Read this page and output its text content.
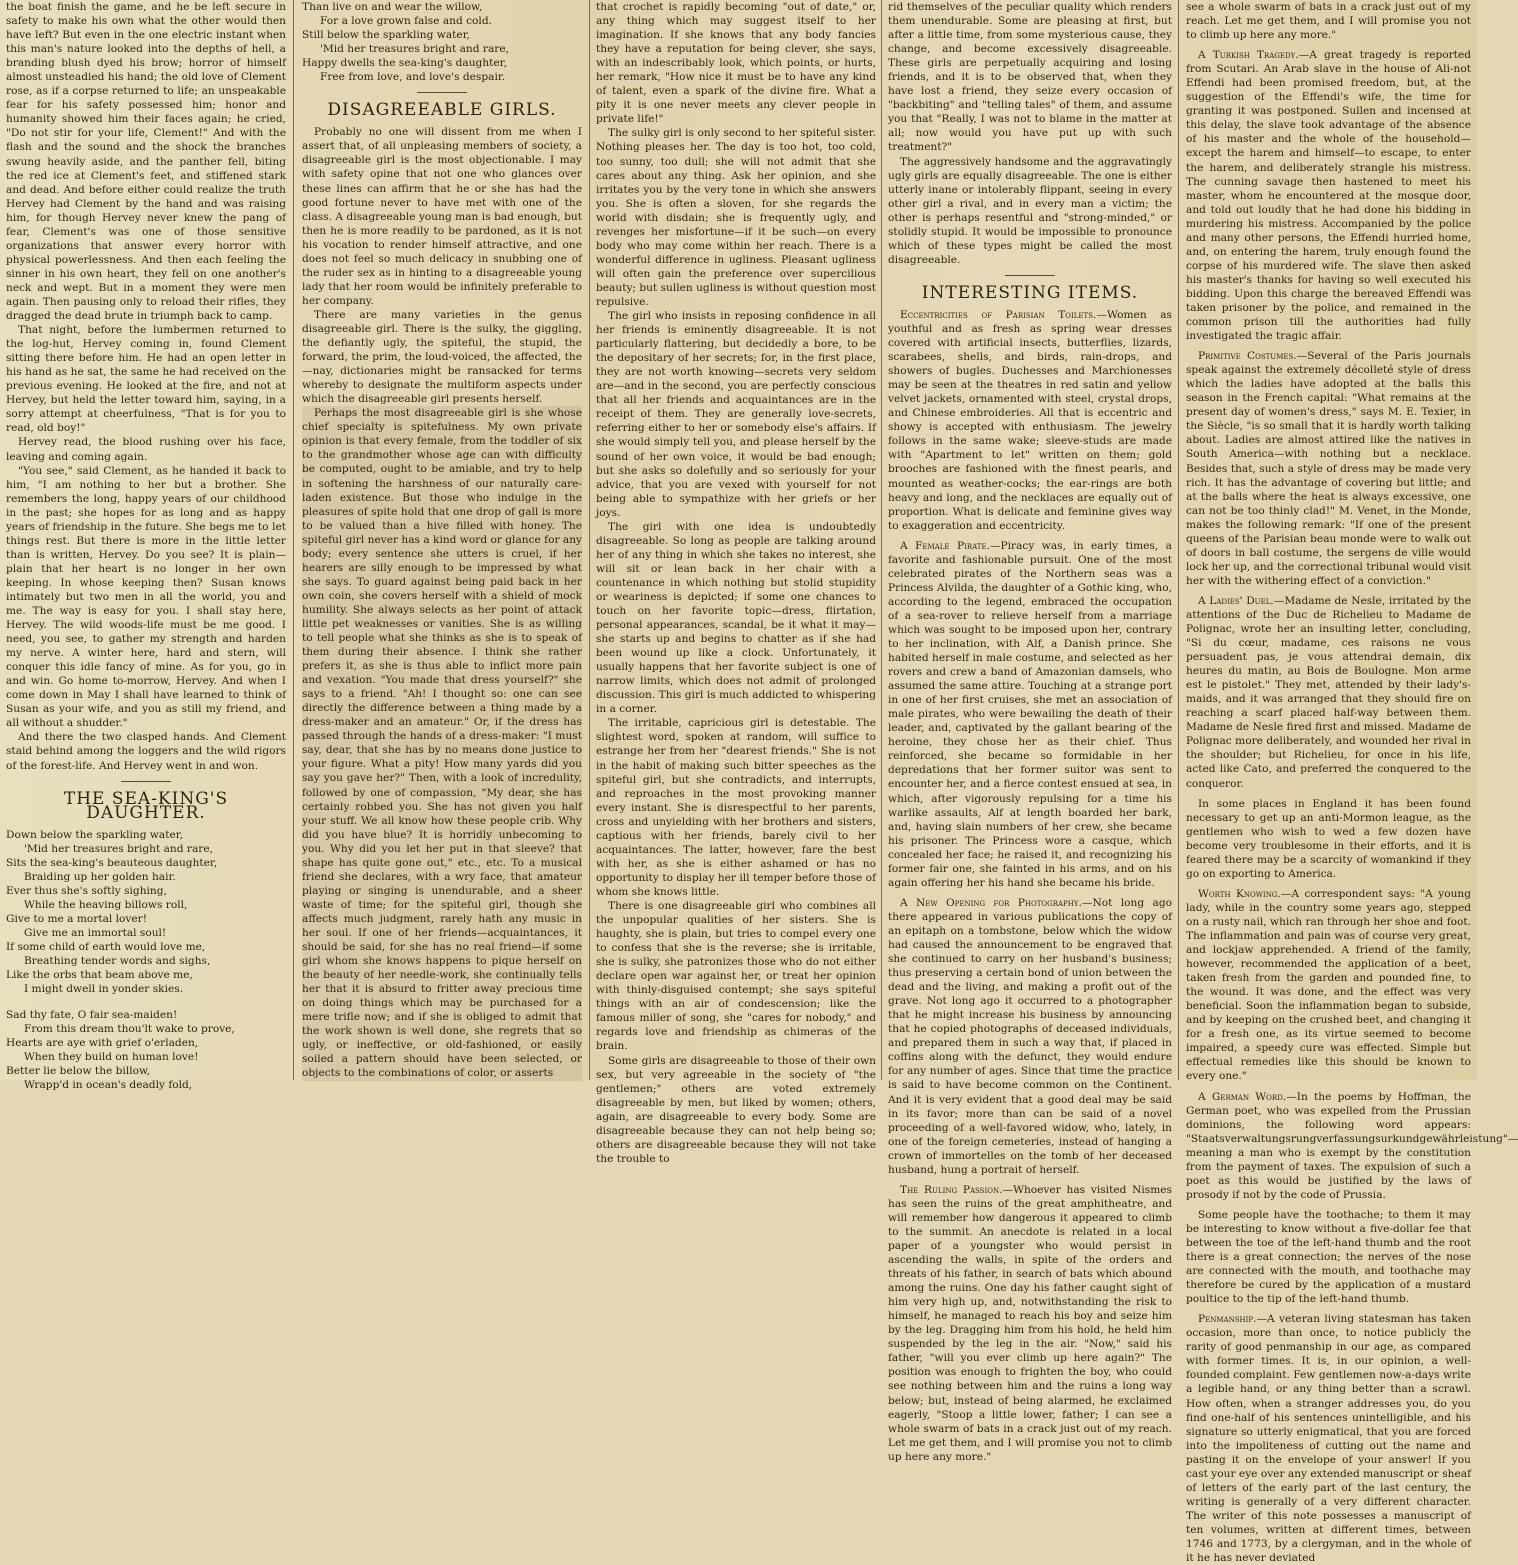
the boat finish the game, and he be left secure in safety to make his own what the other would then have left? But even in the one electric instant when this man's nature looked into the depths of hell, a branding blush dyed his brow; horror of himself almost unsteadied his hand; the old love of Clement rose, as if a corpse returned to life; an unspeakable fear for his safety possessed him; honor and humanity showed him their faces again; he cried, "Do not stir for your life, Clement!" And with the flash and the sound and the shock the branches swung heavily aside, and the panther fell, biting the red ice at Clement's feet, and stiffened stark and dead. And before either could realize the truth Hervey had Clement by the hand and was raising him, for though Hervey never knew the pang of fear, Clement's was one of those sensitive organizations that answer every horror with physical powerlessness. And then each feeling the sinner in his own heart, they fell on one another's neck and wept. But in a moment they were men again. Then pausing only to reload their rifles, they dragged the dead brute in triumph back to camp.

That night, before the lumbermen returned to the log-hut, Hervey coming in, found Clement sitting there before him. He had an open letter in his hand as he sat, the same he had received on the previous evening. He looked at the fire, and not at Hervey, but held the letter toward him, saying, in a sorry attempt at cheerfulness, "That is for you to read, old boy!"

Hervey read, the blood rushing over his face, leaving and coming again.

"You see," said Clement, as he handed it back to him, "I am nothing to her but a brother. She remembers the long, happy years of our childhood in the past; she hopes for as long and as happy years of friendship in the future. She begs me to let things rest. But there is more in the little letter than is written, Hervey. Do you see? It is plain—plain that her heart is no longer in her own keeping. In whose keeping then? Susan knows intimately but two men in all the world, you and me. The way is easy for you. I shall stay here, Hervey. The wild woods-life must be me good. I need, you see, to gather my strength and harden my nerve. A winter here, hard and stern, will conquer this idle fancy of mine. As for you, go in and win. Go home to-morrow, Hervey. And when I come down in May I shall have learned to think of Susan as your wife, and you as still my friend, and all without a shudder."

And there the two clasped hands. And Clement staid behind among the loggers and the wild rigors of the forest-life. And Hervey went in and won.

THE SEA-KING'S DAUGHTER.
Down below the sparkling water,
'Mid her treasures bright and rare,
Sits the sea-king's beauteous daughter,
Braiding up her golden hair.
Ever thus she's softly sighing,
While the heaving billows roll,
Give to me a mortal lover!
Give me an immortal soul!
If some child of earth would love me,
Breathing tender words and sighs,
Like the orbs that beam above me,
I might dwell in yonder skies.
Sad thy fate, O fair sea-maiden!
From this dream thou'lt wake to prove,
Hearts are aye with grief o'erladen,
When they build on human love!
Better lie below the billow,
Wrapp'd in ocean's deadly fold,
Than live on and wear the willow,
For a love grown false and cold.
Still below the sparkling water,
'Mid her treasures bright and rare,
Happy dwells the sea-king's daughter,
Free from love, and love's despair.
DISAGREEABLE GIRLS.

Probably no one will dissent from me when I assert that, of all unpleasing members of society, a disagreeable girl is the most objectionable. I may with safety opine that not one who glances over these lines can affirm that he or she has had the good fortune never to have met with one of the class. A disagreeable young man is bad enough, but then he is more readily to be pardoned, as it is not his vocation to render himself attractive, and one does not feel so much delicacy in snubbing one of the ruder sex as in hinting to a disagreeable young lady that her room would be infinitely preferable to her company.

There are many varieties in the genus disagreeable girl. There is the sulky, the giggling, the defiantly ugly, the spiteful, the stupid, the forward, the prim, the loud-voiced, the affected, the—nay, dictionaries might be ransacked for terms whereby to designate the multiform aspects under which the disagreeable girl presents herself.

Perhaps the most disagreeable girl is she whose chief specialty is spitefulness. My own private opinion is that every female, from the toddler of six to the grandmother whose age can with difficulty be computed, ought to be amiable, and try to help in softening the harshness of our naturally care-laden existence. But those who indulge in the pleasures of spite hold that one drop of gall is more to be valued than a hive filled with honey. The spiteful girl never has a kind word or glance for any body; every sentence she utters is cruel, if her hearers are silly enough to be impressed by what she says. To guard against being paid back in her own coin, she covers herself with a shield of mock humility. She always selects as her point of attack little pet weaknesses or vanities. She is as willing to tell people what she thinks as she is to speak of them during their absence. I think she rather prefers it, as she is thus able to inflict more pain and vexation. "You made that dress yourself?" she says to a friend. "Ah! I thought so: one can see directly the difference between a thing made by a dress-maker and an amateur." Or, if the dress has passed through the hands of a dress-maker: "I must say, dear, that she has by no means done justice to your figure. What a pity! How many yards did you say you gave her?" Then, with a look of incredulity, followed by one of compassion, "My dear, she has certainly robbed you. She has not given you half your stuff. We all know how these people crib. Why did you have blue? It is horridly unbecoming to you. Why did you let her put in that sleeve? that shape has quite gone out," etc., etc. To a musical friend she declares, with a wry face, that amateur playing or singing is unendurable, and a sheer waste of time; for the spiteful girl, though she affects much judgment, rarely hath any music in her soul. If one of her friends—acquaintances, it should be said, for she has no real friend—if some girl whom she knows happens to pique herself on the beauty of her needle-work, she continually tells her that it is absurd to fritter away precious time on doing things which may be purchased for a mere trifle now; and if she is obliged to admit that the work shown is well done, she regrets that so ugly, or ineffective, or old-fashioned, or easily soiled a pattern should have been selected, or objects to the combinations of color, or asserts

that crochet is rapidly becoming "out of date," or, any thing which may suggest itself to her imagination. If she knows that any body fancies they have a reputation for being clever, she says, with an indescribably look, which points, or hurts, her remark, "How nice it must be to have any kind of talent, even a spark of the divine fire. What a pity it is one never meets any clever people in private life!"

The sulky girl is only second to her spiteful sister. Nothing pleases her. The day is too hot, too cold, too sunny, too dull; she will not admit that she cares about any thing. Ask her opinion, and she irritates you by the very tone in which she answers you. She is often a sloven, for she regards the world with disdain; she is frequently ugly, and revenges her misfortune—if it be such—on every body who may come within her reach. There is a wonderful difference in ugliness. Pleasant ugliness will often gain the preference over supercilious beauty; but sullen ugliness is without question most repulsive.

The girl who insists in reposing confidence in all her friends is eminently disagreeable. It is not particularly flattering, but decidedly a bore, to be the depositary of her secrets; for, in the first place, they are not worth knowing—secrets very seldom are—and in the second, you are perfectly conscious that all her friends and acquaintances are in the receipt of them. They are generally love-secrets, referring either to her or somebody else's affairs. If she would simply tell you, and please herself by the sound of her own voice, it would be bad enough; but she asks so dolefully and so seriously for your advice, that you are vexed with yourself for not being able to sympathize with her griefs or her joys.

The girl with one idea is undoubtedly disagreeable. So long as people are talking around her of any thing in which she takes no interest, she will sit or lean back in her chair with a countenance in which nothing but stolid stupidity or weariness is depicted; if some one chances to touch on her favorite topic—dress, flirtation, personal appearances, scandal, be it what it may—she starts up and begins to chatter as if she had been wound up like a clock. Unfortunately, it usually happens that her favorite subject is one of narrow limits, which does not admit of prolonged discussion. This girl is much addicted to whispering in a corner.

The irritable, capricious girl is detestable. The slightest word, spoken at random, will suffice to estrange her from her "dearest friends." She is not in the habit of making such bitter speeches as the spiteful girl, but she contradicts, and interrupts, and reproaches in the most provoking manner every instant. She is disrespectful to her parents, cross and unyielding with her brothers and sisters, captious with her friends, barely civil to her acquaintances. The latter, however, fare the best with her, as she is either ashamed or has no opportunity to display her ill temper before those of whom she knows little.

There is one disagreeable girl who combines all the unpopular qualities of her sisters. She is haughty, she is plain, but tries to compel every one to confess that she is the reverse; she is irritable, she is sulky, she patronizes those who do not either declare open war against her, or treat her opinion with thinly-disguised contempt; she says spiteful things with an air of condescension; like the famous miller of song, she "cares for nobody," and regards love and friendship as chimeras of the brain.

Some girls are disagreeable to those of their own sex, but very agreeable in the society of "the gentlemen;" others are voted extremely disagreeable by men, but liked by women; others, again, are disagreeable to every body. Some are disagreeable because they can not help being so; others are disagreeable because they will not take the trouble to

rid themselves of the peculiar quality which renders them unendurable. Some are pleasing at first, but after a little time, from some mysterious cause, they change, and become excessively disagreeable. These girls are perpetually acquiring and losing friends, and it is to be observed that, when they have lost a friend, they seize every occasion of "backbiting" and "telling tales" of them, and assume you that "Really, I was not to blame in the matter at all; now would you have put up with such treatment?"

The aggressively handsome and the aggravatingly ugly girls are equally disagreeable. The one is either utterly inane or intolerably flippant, seeing in every other girl a rival, and in every man a victim; the other is perhaps resentful and "strong-minded," or stolidly stupid. It would be impossible to pronounce which of these types might be called the most disagreeable.

INTERESTING ITEMS.

Eccentricities of Parisian Toilets.—Women as youthful and as fresh as spring wear dresses covered with artificial insects, butterflies, lizards, scarabees, shells, and birds, rain-drops, and showers of bugles. Duchesses and Marchionesses may be seen at the theatres in red satin and yellow velvet jackets, ornamented with steel, crystal drops, and Chinese embroideries. All that is eccentric and showy is accepted with enthusiasm. The jewelry follows in the same wake; sleeve-studs are made with "Apartment to let" written on them; gold brooches are fashioned with the finest pearls, and mounted as weather-cocks; the ear-rings are both heavy and long, and the necklaces are equally out of proportion. What is delicate and feminine gives way to exaggeration and eccentricity.

A Female Pirate.—Piracy was, in early times, a favorite and fashionable pursuit. One of the most celebrated pirates of the Northern seas was a Princess Alvilda, the daughter of a Gothic king, who, according to the legend, embraced the occupation of a sea-rover to relieve herself from a marriage which was sought to be imposed upon her, contrary to her inclination, with Alf, a Danish prince. She habited herself in male costume, and selected as her rovers and crew a band of Amazonian damsels, who assumed the same attire. Touching at a strange port in one of her first cruises, she met an association of male pirates, who were bewailing the death of their leader, and, captivated by the gallant bearing of the heroine, they chose her as their chief. Thus reinforced, she became so formidable in her depredations that her former suitor was sent to encounter her, and a fierce contest ensued at sea, in which, after vigorously repulsing for a time his warlike assaults, Alf at length boarded her bark, and, having slain numbers of her crew, she became his prisoner. The Princess wore a casque, which concealed her face; he raised it, and recognizing his former fair one, she fainted in his arms, and on his again offering her his hand she became his bride.

A New Opening for Photography.—Not long ago there appeared in various publications the copy of an epitaph on a tombstone, below which the widow had caused the announcement to be engraved that she continued to carry on her husband's business; thus preserving a certain bond of union between the dead and the living, and making a profit out of the grave. Not long ago it occurred to a photographer that he might increase his business by announcing that he copied photographs of deceased individuals, and prepared them in such a way that, if placed in coffins along with the defunct, they would endure for any number of ages. Since that time the practice is said to have become common on the Continent. And it is very evident that a good deal may be said in its favor; more than can be said of a novel proceeding of a well-favored widow, who, lately, in one of the foreign cemeteries, instead of hanging a crown of immortelles on the tomb of her deceased husband, hung a portrait of herself.

The Ruling Passion.—Whoever has visited Nismes has seen the ruins of the great amphitheatre, and will remember how dangerous it appeared to climb to the summit. An anecdote is related in a local paper of a youngster who would persist in ascending the walls, in spite of the orders and threats of his father, in search of bats which abound among the ruins. One day his father caught sight of him very high up, and, notwithstanding the risk to himself, he managed to reach his boy and seize him by the leg. Dragging him from his hold, he held him suspended by the leg in the air. "Now," said his father, "will you ever climb up here again?" The position was enough to frighten the boy, who could see nothing between him and the ruins a long way below; but, instead of being alarmed, he exclaimed eagerly, "Stoop a little lower, father; I can see a whole swarm of bats in a crack just out of my reach. Let me get them, and I will promise you not to climb up here any more."

see a whole swarm of bats in a crack just out of my reach. Let me get them, and I will promise you not to climb up here any more."

A Turkish Tragedy.—A great tragedy is reported from Scutari. An Arab slave in the house of Ali-not Effendi had been promised freedom, but, at the suggestion of the Effendi's wife, the time for granting it was postponed. Sullen and incensed at this delay, the slave took advantage of the absence of his master and the whole of the household—except the harem and himself—to escape, to enter the harem, and deliberately strangle his mistress. The cunning savage then hastened to meet his master, whom he encountered at the mosque door, and told out loudly that he had done his bidding in murdering his mistress. Accompanied by the police and many other persons, the Effendi hurried home, and, on entering the harem, truly enough found the corpse of his murdered wife. The slave then asked his master's thanks for having so well executed his bidding. Upon this charge the bereaved Effendi was taken prisoner by the police, and remained in the common prison till the authorities had fully investigated the tragic affair.

Primitive Costumes.—Several of the Paris journals speak against the extremely décolleté style of dress which the ladies have adopted at the balls this season in the French capital: "What remains at the present day of women's dress," says M. E. Texier, in the Siècle, "is so small that it is hardly worth talking about. Ladies are almost attired like the natives in South America—with nothing but a necklace. Besides that, such a style of dress may be made very rich. It has the advantage of covering but little; and at the balls where the heat is always excessive, one can not be too thinly clad!" M. Venet, in the Monde, makes the following remark: "If one of the present queens of the Parisian beau monde were to walk out of doors in ball costume, the sergens de ville would lock her up, and the correctional tribunal would visit her with the withering effect of a conviction."

A Ladies' Duel.—Madame de Nesle, irritated by the attentions of the Duc de Richelieu to Madame de Polignac, wrote her an insulting letter, concluding, "Si du cœur, madame, ces raisons ne vous persuadent pas, je vous attendrai demain, dix heures du matin, au Bois de Boulogne. Mon arme est le pistolet." They met, attended by their lady's-maids, and it was arranged that they should fire on reaching a scarf placed half-way between them. Madame de Nesle fired first and missed. Madame de Polignac more deliberately, and wounded her rival in the shoulder; but Richelieu, for once in his life, acted like Cato, and preferred the conquered to the conqueror.

In some places in England it has been found necessary to get up an anti-Mormon league, as the gentlemen who wish to wed a few dozen have become very troublesome in their efforts, and it is feared there may be a scarcity of womankind if they go on exporting to America.

Worth Knowing.—A correspondent says: "A young lady, while in the country some years ago, stepped on a rusty nail, which ran through her shoe and foot. The inflammation and pain was of course very great, and lockjaw apprehended. A friend of the family, however, recommended the application of a beet, taken fresh from the garden and pounded fine, to the wound. It was done, and the effect was very beneficial. Soon the inflammation began to subside, and by keeping on the crushed beet, and changing it for a fresh one, as its virtue seemed to become impaired, a speedy cure was effected. Simple but effectual remedies like this should be known to every one."

A German Word.—In the poems by Hoffman, the German poet, who was expelled from the Prussian dominions, the following word appears: "Staatsverwaltungsrungverfassungsurkundgewährleistung"—meaning a man who is exempt by the constitution from the payment of taxes. The expulsion of such a poet as this would be justified by the laws of prosody if not by the code of Prussia.

Some people have the toothache; to them it may be interesting to know without a five-dollar fee that between the toe of the left-hand thumb and the root there is a great connection; the nerves of the nose are connected with the mouth, and toothache may therefore be cured by the application of a mustard poultice to the tip of the left-hand thumb.

Penmanship.—A veteran living statesman has taken occasion, more than once, to notice publicly the rarity of good penmanship in our age, as compared with former times. It is, in our opinion, a well-founded complaint. Few gentlemen now-a-days write a legible hand, or any thing better than a scrawl. How often, when a stranger addresses you, do you find one-half of his sentences unintelligible, and his signature so utterly enigmatical, that you are forced into the impoliteness of cutting out the name and pasting it on the envelope of your answer! If you cast your eye over any extended manuscript or sheaf of letters of the early part of the last century, the writing is generally of a very different character. The writer of this note possesses a manuscript of ten volumes, written at different times, between 1746 and 1773, by a clergyman, and in the whole of it he has never deviated
